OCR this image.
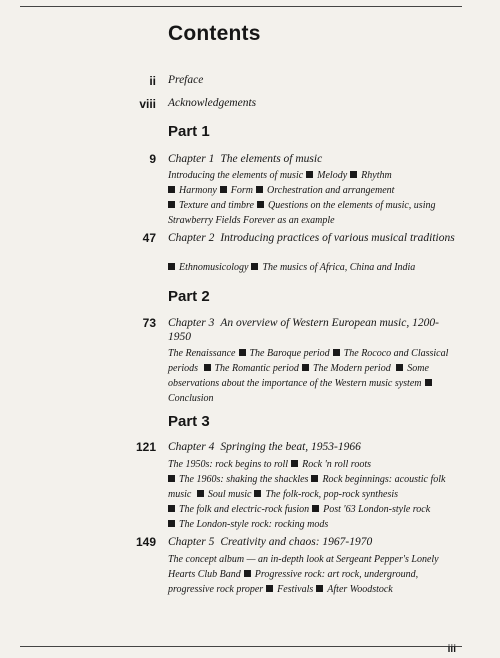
Contents
ii Preface
viii Acknowledgements
Part 1
9 Chapter 1 The elements of music
Introducing the elements of music Melody Rhythm
Harmony Form Orchestration and arrangement
Texture and timbre Questions on the elements of music, using Strawberry Fields Forever as an example
47 Chapter 2 Introducing practices of various musical traditions
Ethnomusicology The musics of Africa, China and India
Part 2
73 Chapter 3 An overview of Western European music, 1200-1950
The Renaissance The Baroque period The Rococo and Classical periods The Romantic period The Modern period Some observations about the importance of the Western music systemConclusion
Part 3
121 Chapter 4 Springing the beat, 1953-1966
The 1950s: rock begins to roll Rock 'n roll roots
The 1960s: shaking the shackles Rock beginnings: acoustic folk music Soul music The folk-rock, pop-rock synthesis
The folk and electric-rock fusion Post '63 London-style rock
The London-style rock: rocking mods
149 Chapter 5 Creativity and chaos: 1967-1970
The concept album — an in-depth look at Sergeant Pepper's Lonely Hearts Club Band Progressive rock: art rock, underground, progressive rock proper Festivals After Woodstock
iii
